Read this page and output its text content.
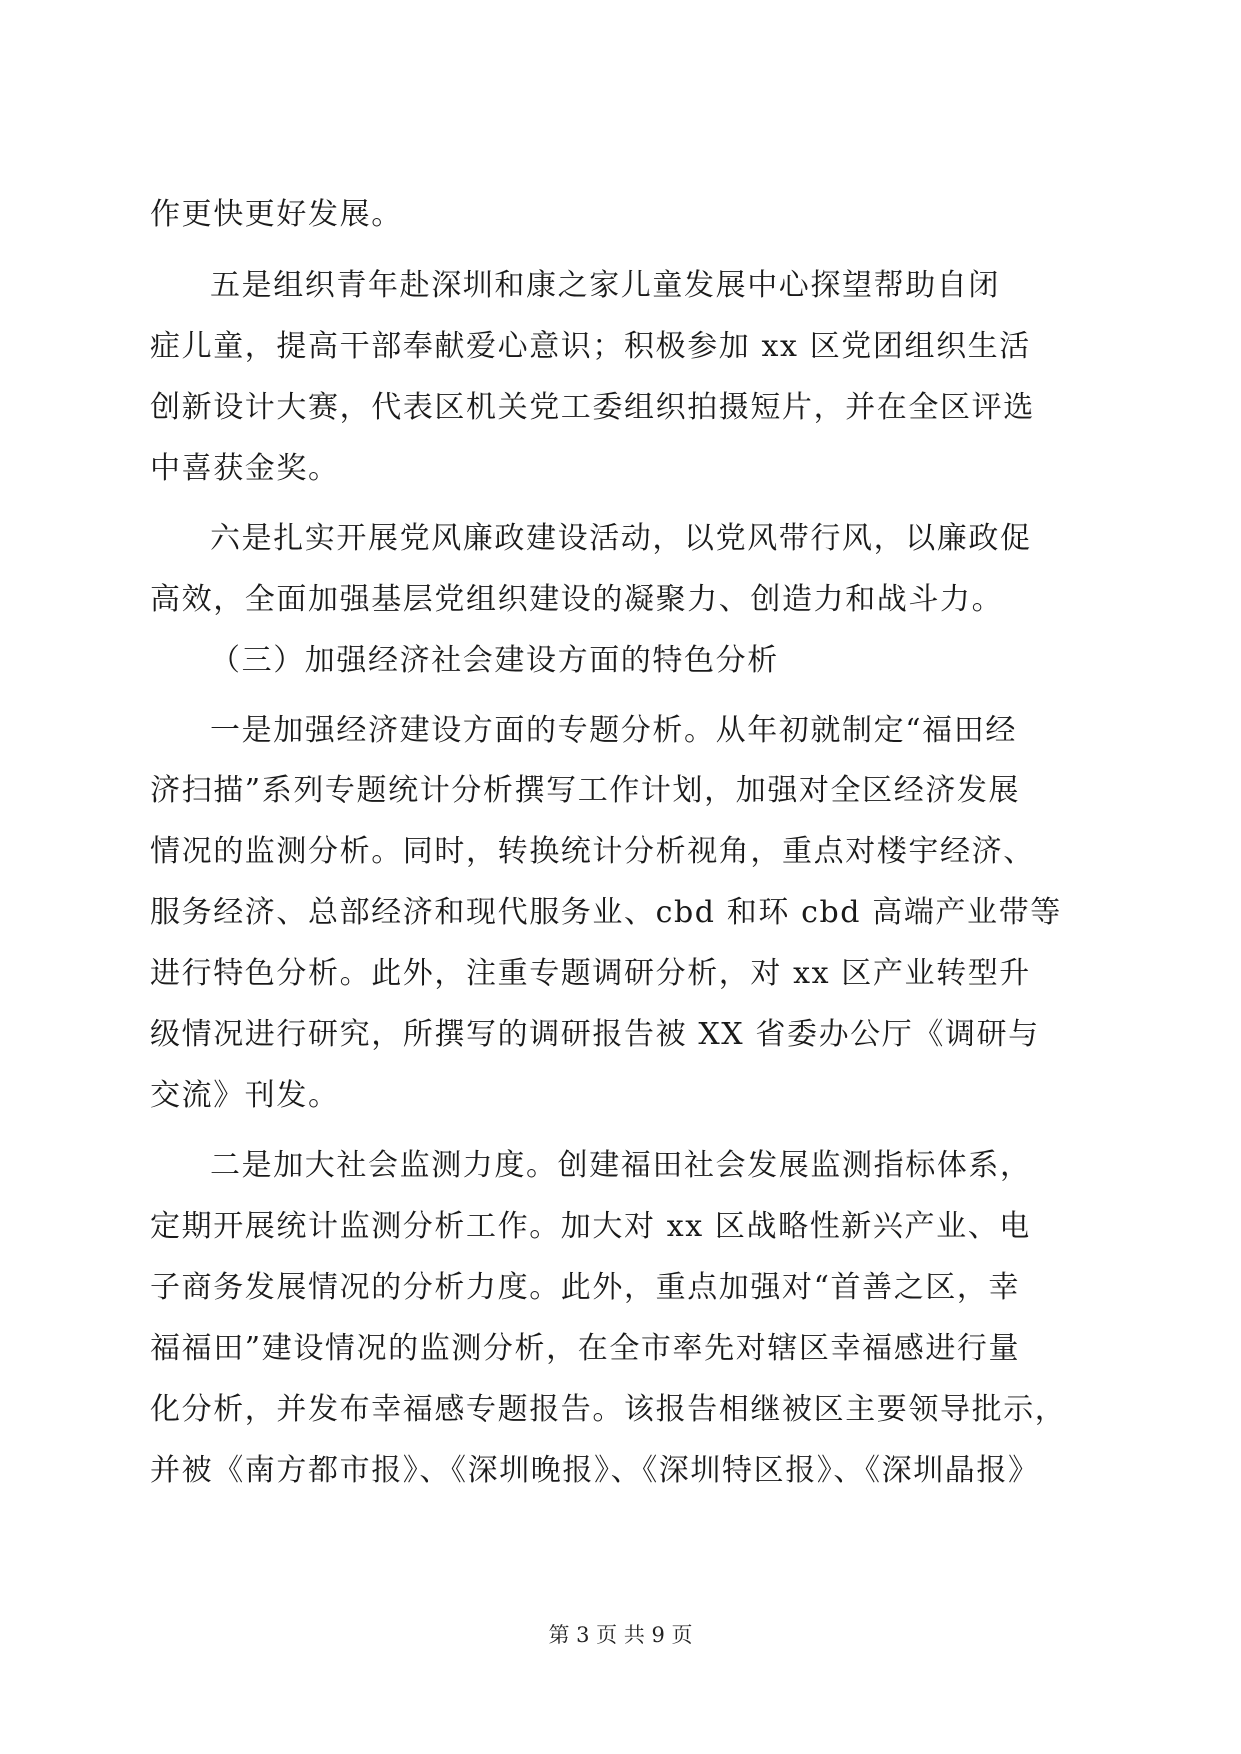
作更快更好发展。
五是组织青年赴深圳和康之家儿童发展中心探望帮助自闭
症儿童，提高干部奉献爱心意识；积极参加 xx 区党团组织生活
创新设计大赛，代表区机关党工委组织拍摄短片，并在全区评选
中喜获金奖。
六是扎实开展党风廉政建设活动，以党风带行风，以廉政促
高效，全面加强基层党组织建设的凝聚力、创造力和战斗力。
（三）加强经济社会建设方面的特色分析
一是加强经济建设方面的专题分析。从年初就制定“福田经
济扫描”系列专题统计分析撰写工作计划，加强对全区经济发展
情况的监测分析。同时，转换统计分析视角，重点对楼宇经济、
服务经济、总部经济和现代服务业、cbd 和环 cbd 高端产业带等
进行特色分析。此外，注重专题调研分析，对 xx 区产业转型升
级情况进行研究，所撰写的调研报告被 XX 省委办公厅《调研与
交流》刊发。
二是加大社会监测力度。创建福田社会发展监测指标体系，
定期开展统计监测分析工作。加大对 xx 区战略性新兴产业、电
子商务发展情况的分析力度。此外，重点加强对“首善之区，幸
福福田”建设情况的监测分析，在全市率先对辖区幸福感进行量
化分析，并发布幸福感专题报告。该报告相继被区主要领导批示，
并被《南方都市报》、《深圳晚报》、《深圳特区报》、《深圳晶报》
第 3 页 共 9 页
